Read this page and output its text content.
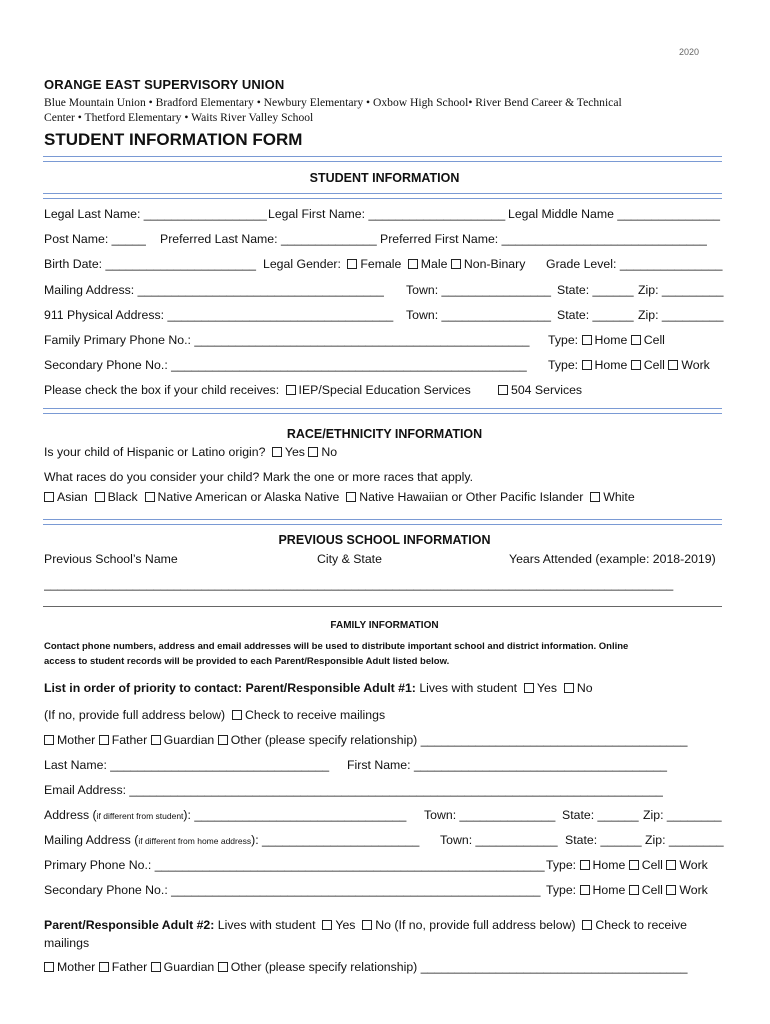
2020
ORANGE EAST SUPERVISORY UNION
Blue Mountain Union • Bradford Elementary • Newbury Elementary • Oxbow High School• River Bend Career & Technical
Center • Thetford Elementary • Waits River Valley School
STUDENT INFORMATION FORM
STUDENT INFORMATION
Legal Last Name: __________________ Legal First Name: ____________________ Legal Middle Name _______________
Post Name: _____ Preferred Last Name: ______________ Preferred First Name: ______________________________
Birth Date: ______________________ Legal Gender: Female Male Non-Binary Grade Level: _______________
Mailing Address: ____________________________________ Town: ________________ State: ______ Zip: _________
911 Physical Address: _________________________________ Town: ________________ State: ______ Zip: _________
Family Primary Phone No.: _________________________________________________ Type: Home Cell
Secondary Phone No.: ____________________________________________________ Type: Home Cell Work
Please check the box if your child receives: IEP/Special Education Services	504 Services
RACE/ETHNICITY INFORMATION
Is your child of Hispanic or Latino origin? Yes No
What races do you consider your child? Mark the one or more races that apply.
Asian Black Native American or Alaska Native Native Hawaiian or Other Pacific Islander White
PREVIOUS SCHOOL INFORMATION
Previous School’s Name	City & State	Years Attended (example: 2018-2019)
____________________________________________________________________________________________
FAMILY INFORMATION
Contact phone numbers, address and email addresses will be used to distribute important school and district information. Online
access to student records will be provided to each Parent/Responsible Adult listed below.
List in order of priority to contact: Parent/Responsible Adult #1: Lives with student Yes No
(If no, provide full address below) Check to receive mailings
Mother Father Guardian Other (please specify relationship) _______________________________________
Last Name: ________________________________ First Name: _____________________________________
Email Address: ______________________________________________________________________________
Address (if different from student): _______________________________ Town: ______________ State: ______ Zip: ________
Mailing Address (if different from home address): _______________________ Town: ____________ State: ______ Zip: ________
Primary Phone No.: _________________________________________________________ Type: Home Cell Work
Secondary Phone No.: ______________________________________________________ Type: Home Cell Work
Parent/Responsible Adult #2: Lives with student Yes No (If no, provide full address below) Check to receive
mailings
Mother Father Guardian Other (please specify relationship) _______________________________________
